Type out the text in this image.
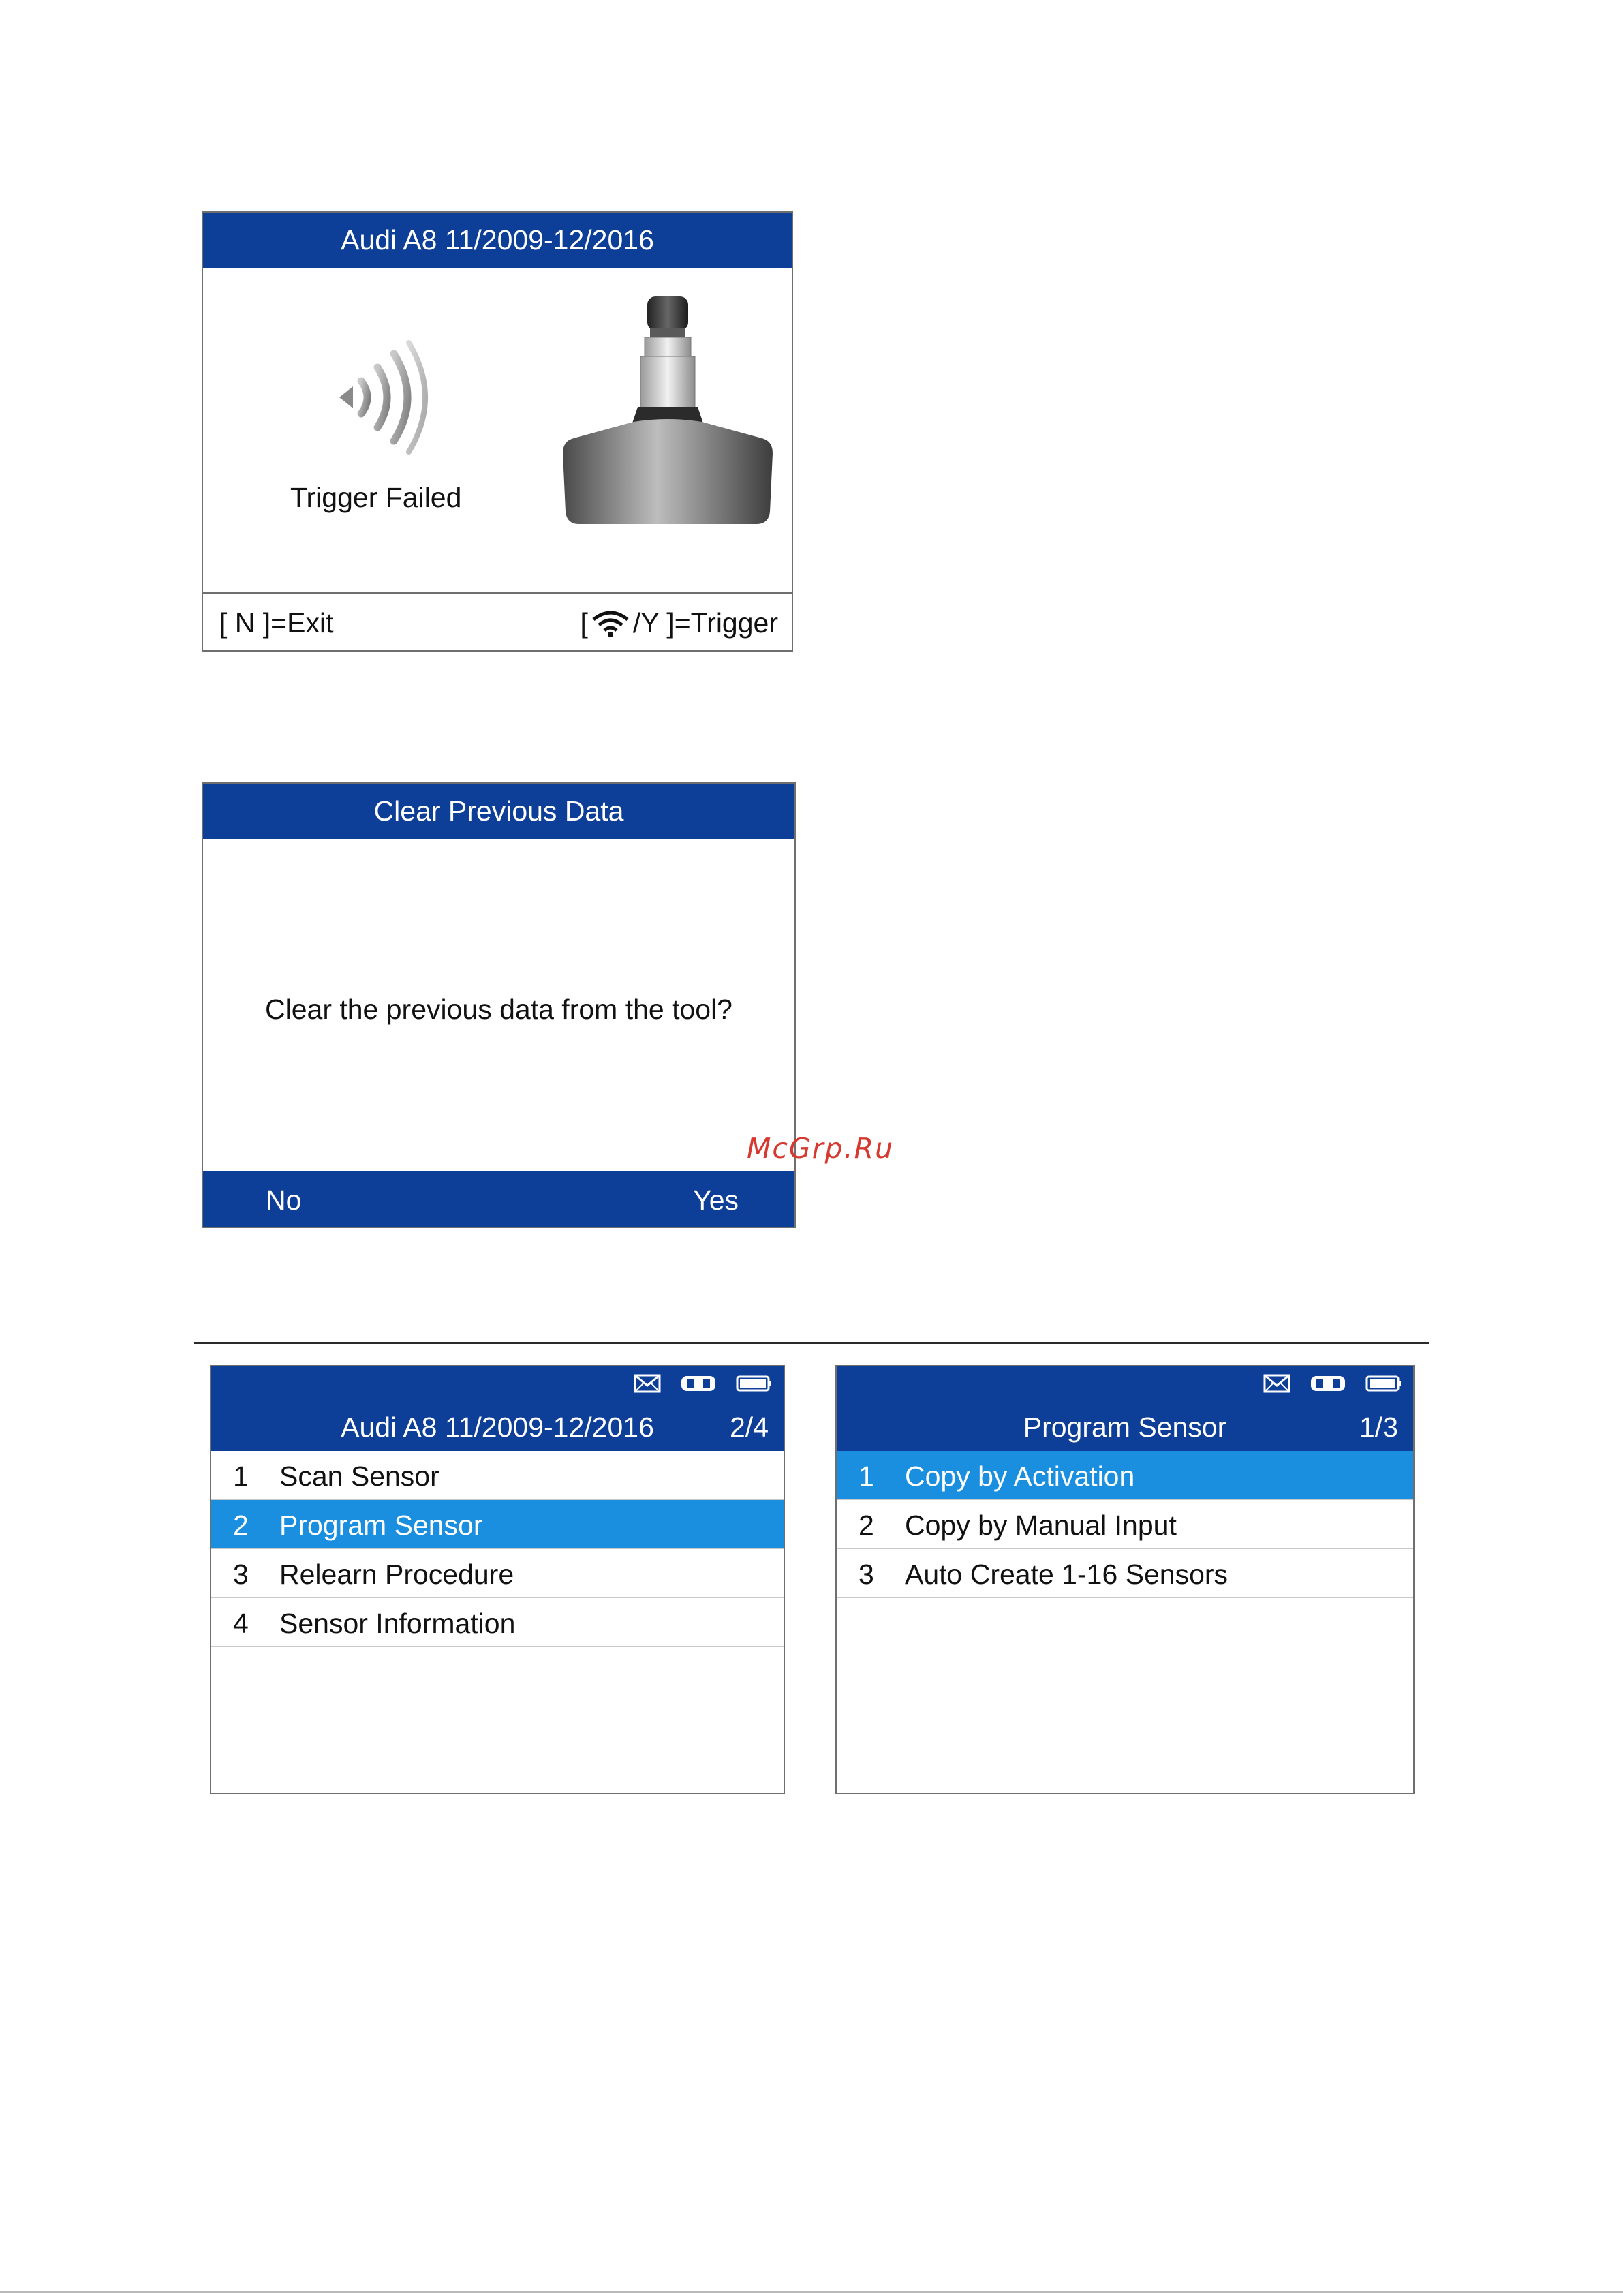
Audi A8 11/2009-12/2016
Trigger Failed
[ N ]=Exit	[ /Y ]=Trigger
Clear Previous Data
Clear the previous data from the tool?
No	Yes
McGrp.Ru
Audi A8 11/2009-12/2016	2/4
1 Scan Sensor
2 Program Sensor
3 Relearn Procedure
4 Sensor Information
Program Sensor	1/3
1 Copy by Activation
2 Copy by Manual Input
3 Auto Create 1-16 Sensors
